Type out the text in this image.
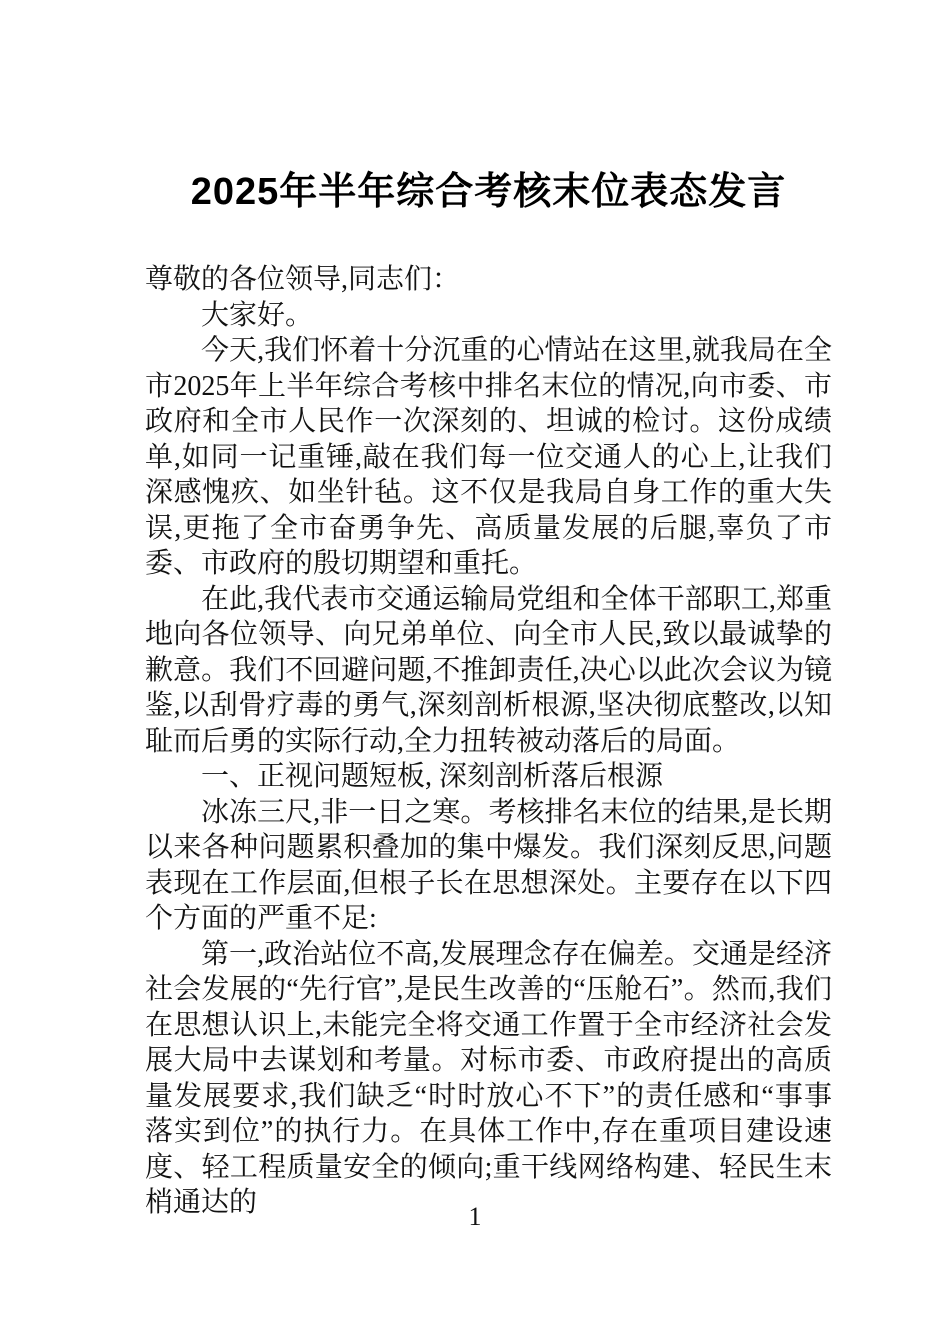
2025年半年综合考核末位表态发言

尊敬的各位领导,同志们：

大家好。

今天,我们怀着十分沉重的心情站在这里,就我局在全市2025年上半年综合考核中排名末位的情况,向市委、市政府和全市人民作一次深刻的、坦诚的检讨。这份成绩单,如同一记重锤,敲在我们每一位交通人的心上,让我们深感愧疚、如坐针毡。这不仅是我局自身工作的重大失误,更拖了全市奋勇争先、高质量发展的后腿,辜负了市委、市政府的殷切期望和重托。

在此,我代表市交通运输局党组和全体干部职工,郑重地向各位领导、向兄弟单位、向全市人民,致以最诚挚的歉意。我们不回避问题,不推卸责任,决心以此次会议为镜鉴,以刮骨疗毒的勇气,深刻剖析根源,坚决彻底整改,以知耻而后勇的实际行动,全力扭转被动落后的局面。

一、正视问题短板, 深刻剖析落后根源

冰冻三尺,非一日之寒。考核排名末位的结果,是长期以来各种问题累积叠加的集中爆发。我们深刻反思,问题表现在工作层面,但根子长在思想深处。主要存在以下四个方面的严重不足:

第一,政治站位不高,发展理念存在偏差。交通是经济社会发展的“先行官”,是民生改善的“压舱石”。然而,我们在思想认识上,未能完全将交通工作置于全市经济社会发展大局中去谋划和考量。对标市委、市政府提出的高质量发展要求,我们缺乏“时时放心不下”的责任感和“事事落实到位”的执行力。在具体工作中,存在重项目建设速度、轻工程质量安全的倾向;重干线网络构建、轻民生末梢通达的	1
